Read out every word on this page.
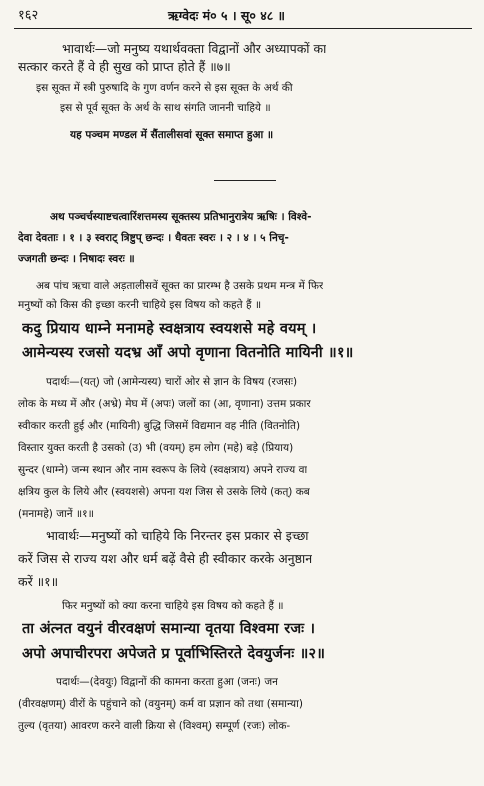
१६२	ऋग्वेदः मं० ५ । सू० ४८ ॥
भावार्थः—जो मनुष्य यथार्थवक्ता विद्वानों और अध्यापकों का
सत्कार करते हैं वे ही सुख को प्राप्त होते हैं ॥७॥
इस सूक्त में स्त्री पुरुषादि के गुण वर्णन करने से इस सूक्त के अर्थ की
इस से पूर्व सूक्त के अर्थ के साथ संगति जाननी चाहिये ॥
यह पञ्चम मण्डल में सैंतालीसवां सूक्त समाप्त हुआ ॥
अथ पञ्चर्चस्याष्टचत्वारिंशत्तमस्य सूक्तस्य प्रतिभानुरात्रेय ऋषिः । विश्वे-
देवा देवताः । १ । ३ स्वराट् त्रिष्टुप् छन्दः । धैवतः स्वरः । २ । ४ । ५ निचृ-
ज्जगती छन्दः । निषादः स्वरः ॥
अब पांच ऋचा वाले अड़तालीसवें सूक्त का प्रारम्भ है उसके प्रथम मन्त्र में फिर
मनुष्यों को किस की इच्छा करनी चाहिये इस विषय को कहते हैं ॥
कदु प्रियाय धाम्ने मनामहे स्वक्षत्राय स्वयशसे महे वयम् ।
आमेन्यस्य रजसो यदभ्र आँ अपो वृणाना वितनोति मायिनी ॥१॥
पदार्थः—(यत्) जो (आमेन्यस्य) चारों ओर से ज्ञान के विषय (रजसः)
लोक के मध्य में और (अभ्रे) मेघ में (अपः) जलों का (आ, वृणाना) उत्तम प्रकार
स्वीकार करती हुई और (मायिनी) बुद्धि जिसमें विद्यमान वह नीति (वितनोति)
विस्तार युक्त करती है उसको (उ) भी (वयम्) हम लोग (महे) बड़े (प्रियाय)
सुन्दर (धाम्ने) जन्म स्थान और नाम स्वरूप के लिये (स्वक्षत्राय) अपने राज्य वा
क्षत्रिय कुल के लिये और (स्वयशसे) अपना यश जिस से उसके लिये (कत्) कब
(मनामहे) जानें ॥१॥
भावार्थः—मनुष्यों को चाहिये कि निरन्तर इस प्रकार से इच्छा
करें जिस से राज्य यश और धर्म बढ़ें वैसे ही स्वीकार करके अनुष्ठान
करें ॥१॥
फिर मनुष्यों को क्या करना चाहिये इस विषय को कहते हैं ॥
ता अंत्नत वयुनं वीरवक्षणं समान्या वृतया विश्वमा रजः ।
अपो अपाचीरपरा अपेजते प्र पूर्वाभिस्तिरते देवयुर्जनः ॥२॥
पदार्थः—(देवयुः) विद्वानों की कामना करता हुआ (जनः) जन
(वीरवक्षणम्) वीरों के पहुंचाने को (वयुनम्) कर्म वा प्रज्ञान को तथा (समान्या)
तुल्य (वृतया) आवरण करने वाली क्रिया से (विश्वम्) सम्पूर्ण (रजः) लोक-
